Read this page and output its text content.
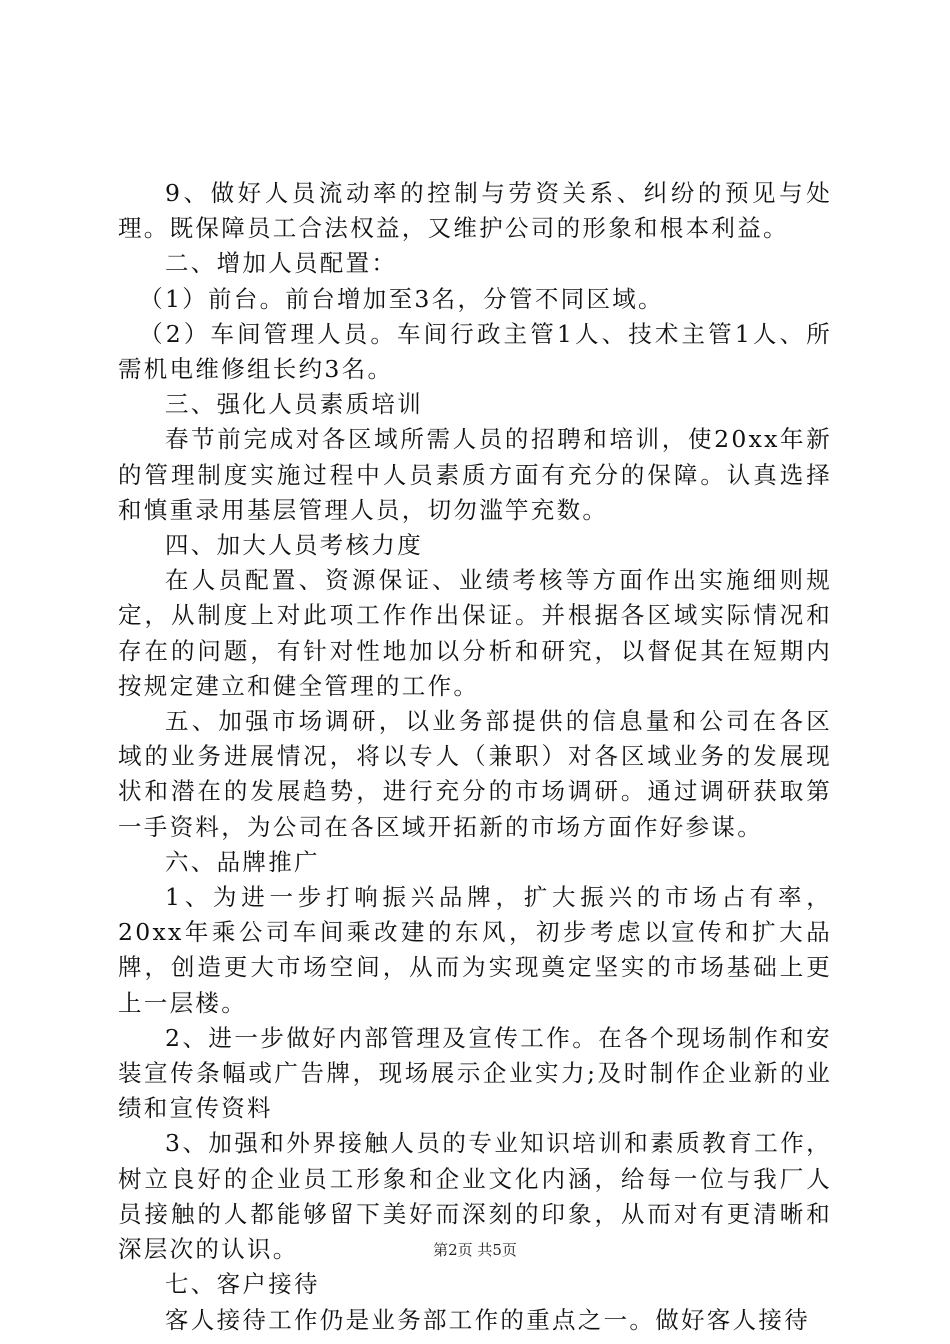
9、做好人员流动率的控制与劳资关系、纠纷的预见与处理。既保障员工合法权益，又维护公司的形象和根本利益。

二、增加人员配置：

（1）前台。前台增加至3名，分管不同区域。

（2）车间管理人员。车间行政主管1人、技术主管1人、所需机电维修组长约3名。

三、强化人员素质培训

春节前完成对各区域所需人员的招聘和培训，使20xx年新的管理制度实施过程中人员素质方面有充分的保障。认真选择和慎重录用基层管理人员，切勿滥竽充数。

四、加大人员考核力度

在人员配置、资源保证、业绩考核等方面作出实施细则规定，从制度上对此项工作作出保证。并根据各区域实际情况和存在的问题，有针对性地加以分析和研究，以督促其在短期内按规定建立和健全管理的工作。

五、加强市场调研，以业务部提供的信息量和公司在各区域的业务进展情况，将以专人（兼职）对各区域业务的发展现状和潜在的发展趋势，进行充分的市场调研。通过调研获取第一手资料，为公司在各区域开拓新的市场方面作好参谋。

六、品牌推广

1、为进一步打响振兴品牌，扩大振兴的市场占有率，20xx年乘公司车间乘改建的东风，初步考虑以宣传和扩大品牌，创造更大市场空间，从而为实现奠定坚实的市场基础上更上一层楼。

2、进一步做好内部管理及宣传工作。在各个现场制作和安装宣传条幅或广告牌，现场展示企业实力;及时制作企业新的业绩和宣传资料

3、加强和外界接触人员的专业知识培训和素质教育工作，树立良好的企业员工形象和企业文化内涵，给每一位与我厂人员接触的人都能够留下美好而深刻的印象，从而对有更清晰和深层次的认识。

七、客户接待

客人接待工作仍是业务部工作的重点之一。做好客人接待

第2页 共5页
